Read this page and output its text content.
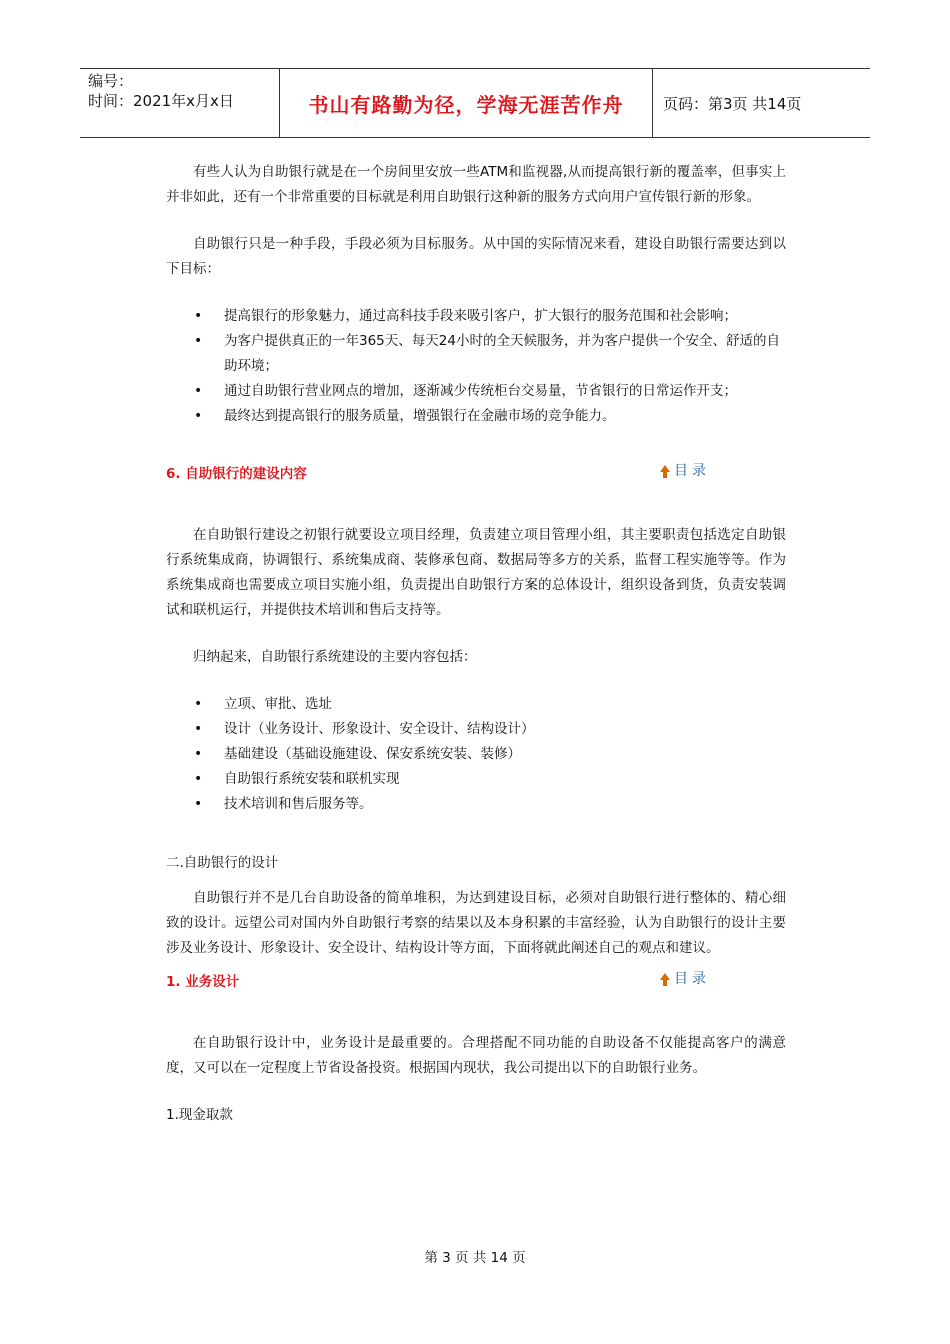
编号：
时间：2021年x月x日	书山有路勤为径，学海无涯苦作舟	页码：第3页 共14页

有些人认为自助银行就是在一个房间里安放一些ATM和监视器,从而提高银行新的覆盖率，但事实上并非如此，还有一个非常重要的目标就是利用自助银行这种新的服务方式向用户宣传银行新的形象。

自助银行只是一种手段，手段必须为目标服务。从中国的实际情况来看，建设自助银行需要达到以下目标：

• 提高银行的形象魅力，通过高科技手段来吸引客户，扩大银行的服务范围和社会影响；
• 为客户提供真正的一年365天、每天24小时的全天候服务，并为客户提供一个安全、舒适的自助环境；
• 通过自助银行营业网点的增加，逐渐减少传统柜台交易量，节省银行的日常运作开支；
• 最终达到提高银行的服务质量，增强银行在金融市场的竞争能力。
6. 自助银行的建设内容	目录

在自助银行建设之初银行就要设立项目经理，负责建立项目管理小组，其主要职责包括选定自助银行系统集成商，协调银行、系统集成商、装修承包商、数据局等多方的关系，监督工程实施等等。作为系统集成商也需要成立项目实施小组，负责提出自助银行方案的总体设计，组织设备到货，负责安装调试和联机运行，并提供技术培训和售后支持等。

归纳起来，自助银行系统建设的主要内容包括：

• 立项、审批、选址
• 设计（业务设计、形象设计、安全设计、结构设计）
• 基础建设（基础设施建设、保安系统安装、装修）
• 自助银行系统安装和联机实现
• 技术培训和售后服务等。

二.自助银行的设计

自助银行并不是几台自助设备的简单堆积，为达到建设目标，必须对自助银行进行整体的、精心细致的设计。远望公司对国内外自助银行考察的结果以及本身积累的丰富经验，认为自助银行的设计主要涉及业务设计、形象设计、安全设计、结构设计等方面，下面将就此阐述自己的观点和建议。

1. 业务设计	目录

在自助银行设计中，业务设计是最重要的。合理搭配不同功能的自助设备不仅能提高客户的满意度，又可以在一定程度上节省设备投资。根据国内现状，我公司提出以下的自助银行业务。

1.现金取款

第 3 页 共 14 页
